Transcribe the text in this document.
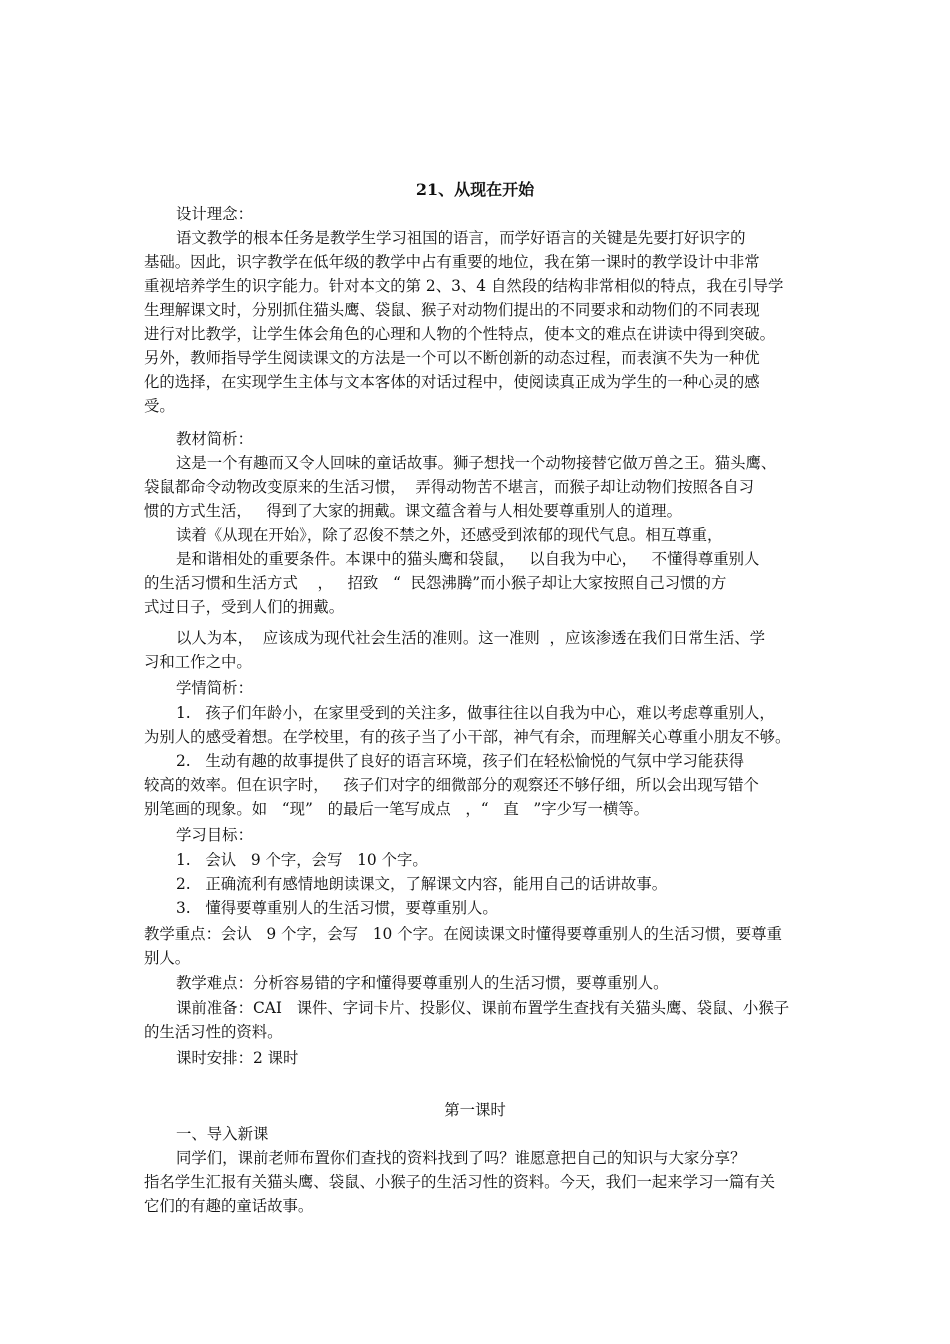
21、从现在开始
设计理念：
语文教学的根本任务是教学生学习祖国的语言，而学好语言的关键是先要打好识字的
基础。因此，识字教学在低年级的教学中占有重要的地位，我在第一课时的教学设计中非常
重视培养学生的识字能力。针对本文的第 2、3、4 自然段的结构非常相似的特点，我在引导学
生理解课文时，分别抓住猫头鹰、袋鼠、猴子对动物们提出的不同要求和动物们的不同表现
进行对比教学，让学生体会角色的心理和人物的个性特点，使本文的难点在讲读中得到突破。
另外，教师指导学生阅读课文的方法是一个可以不断创新的动态过程，而表演不失为一种优
化的选择，在实现学生主体与文本客体的对话过程中，使阅读真正成为学生的一种心灵的感
受。
教材简析：
这是一个有趣而又令人回味的童话故事。狮子想找一个动物接替它做万兽之王。猫头鹰、
袋鼠都命令动物改变原来的生活习惯，  弄得动物苦不堪言，而猴子却让动物们按照各自习
惯的方式生活，   得到了大家的拥戴。课文蕴含着与人相处要尊重别人的道理。
读着《从现在开始》，除了忍俊不禁之外，还感受到浓郁的现代气息。相互尊重，
是和谐相处的重要条件。本课中的猫头鹰和袋鼠，   以自我为中心，   不懂得尊重别人
的生活习惯和生活方式    ，   招致   “  民怨沸腾”而小猴子却让大家按照自己习惯的方
式过日子，受到人们的拥戴。
以人为本，  应该成为现代社会生活的准则。这一准则  ，应该渗透在我们日常生活、学
习和工作之中。
学情简析：
1.   孩子们年龄小，在家里受到的关注多，做事往往以自我为中心，难以考虑尊重别人，
为别人的感受着想。在学校里，有的孩子当了小干部，神气有余，而理解关心尊重小朋友不够。
2.   生动有趣的故事提供了良好的语言环境，孩子们在轻松愉悦的气氛中学习能获得
较高的效率。但在识字时，   孩子们对字的细微部分的观察还不够仔细，所以会出现写错个
别笔画的现象。如   “现”   的最后一笔写成点   ，“   直   ”字少写一横等。
学习目标：
1.   会认   9 个字，会写   10 个字。
2.   正确流利有感情地朗读课文，了解课文内容，能用自己的话讲故事。
3.   懂得要尊重别人的生活习惯，要尊重别人。
教学重点：会认   9 个字，会写   10 个字。在阅读课文时懂得要尊重别人的生活习惯，要尊重
别人。
教学难点：分析容易错的字和懂得要尊重别人的生活习惯，要尊重别人。
课前准备：CAI   课件、字词卡片、投影仪、课前布置学生查找有关猫头鹰、袋鼠、小猴子
的生活习性的资料。
课时安排：2 课时
第一课时
一、导入新课
同学们，课前老师布置你们查找的资料找到了吗？谁愿意把自己的知识与大家分享？
指名学生汇报有关猫头鹰、袋鼠、小猴子的生活习性的资料。今天，我们一起来学习一篇有关
它们的有趣的童话故事。
